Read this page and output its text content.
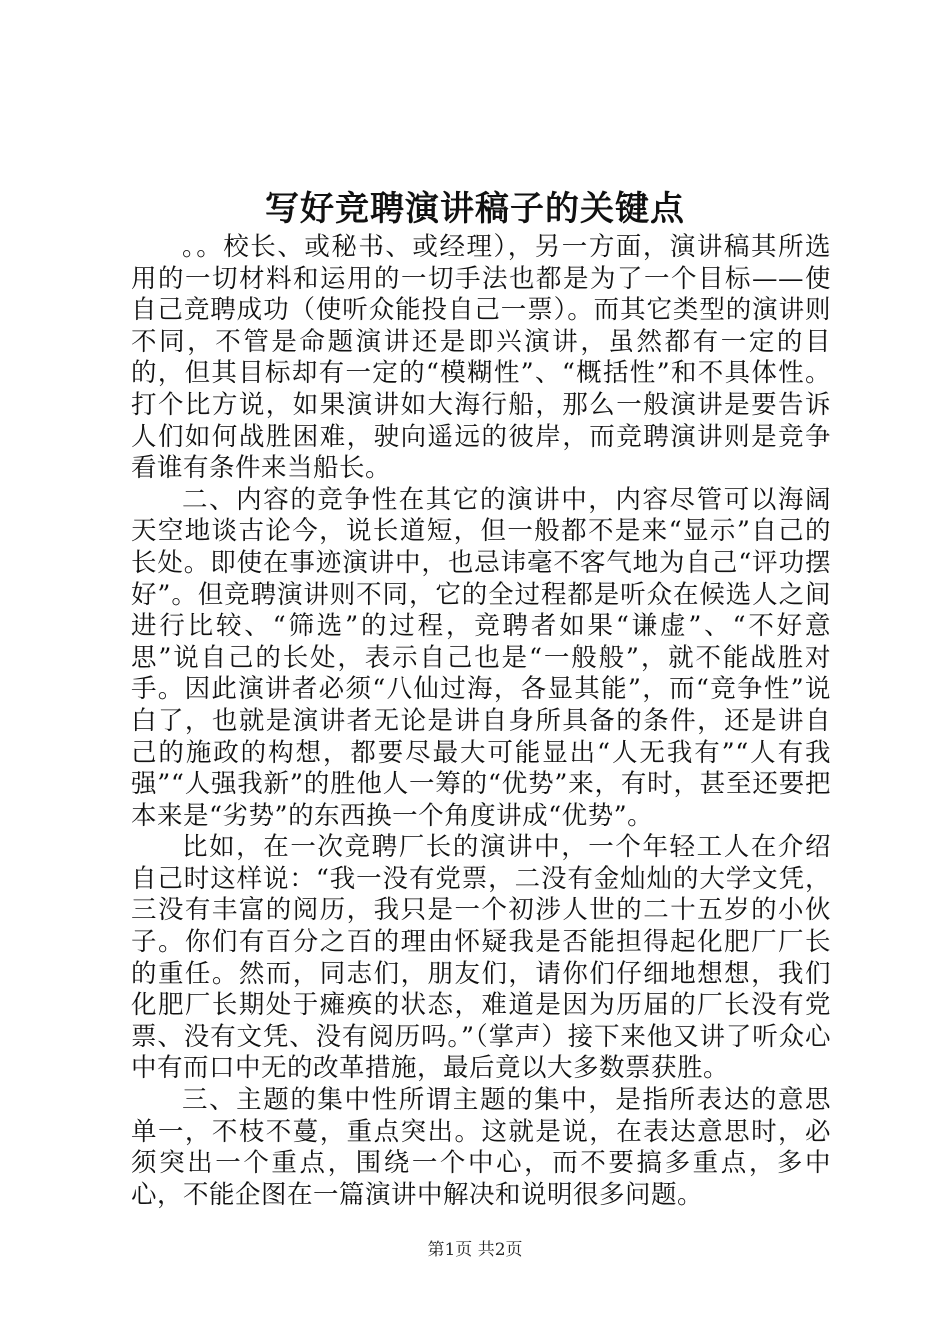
写好竞聘演讲稿子的关键点

。。校长、或秘书、或经理），另一方面，演讲稿其所选用的一切材料和运用的一切手法也都是为了一个目标——使自己竞聘成功（使听众能投自己一票）。而其它类型的演讲则不同，不管是命题演讲还是即兴演讲，虽然都有一定的目的，但其目标却有一定的“模糊性”、“概括性”和不具体性。打个比方说，如果演讲如大海行船，那么一般演讲是要告诉人们如何战胜困难，驶向遥远的彼岸，而竞聘演讲则是竞争看谁有条件来当船长。

二、内容的竞争性在其它的演讲中，内容尽管可以海阔天空地谈古论今，说长道短，但一般都不是来“显示”自己的长处。即使在事迹演讲中，也忌讳毫不客气地为自己“评功摆好”。但竞聘演讲则不同，它的全过程都是听众在候选人之间进行比较、“筛选”的过程，竞聘者如果“谦虚”、“不好意思”说自己的长处，表示自己也是“一般般”，就不能战胜对手。因此演讲者必须“八仙过海，各显其能”，而“竞争性”说白了，也就是演讲者无论是讲自身所具备的条件，还是讲自己的施政的构想，都要尽最大可能显出“人无我有”“人有我强”“人强我新”的胜他人一筹的“优势”来，有时，甚至还要把本来是“劣势”的东西换一个角度讲成“优势”。

比如，在一次竞聘厂长的演讲中，一个年轻工人在介绍自己时这样说：“我一没有党票，二没有金灿灿的大学文凭，三没有丰富的阅历，我只是一个初涉人世的二十五岁的小伙子。你们有百分之百的理由怀疑我是否能担得起化肥厂厂长的重任。然而，同志们，朋友们，请你们仔细地想想，我们化肥厂长期处于瘫痪的状态，难道是因为历届的厂长没有党票、没有文凭、没有阅历吗。”（掌声）接下来他又讲了听众心中有而口中无的改革措施，最后竟以大多数票获胜。

三、主题的集中性所谓主题的集中，是指所表达的意思单一，不枝不蔓，重点突出。这就是说，在表达意思时，必须突出一个重点，围绕一个中心，而不要搞多重点，多中心，不能企图在一篇演讲中解决和说明很多问题。

第1页 共2页
